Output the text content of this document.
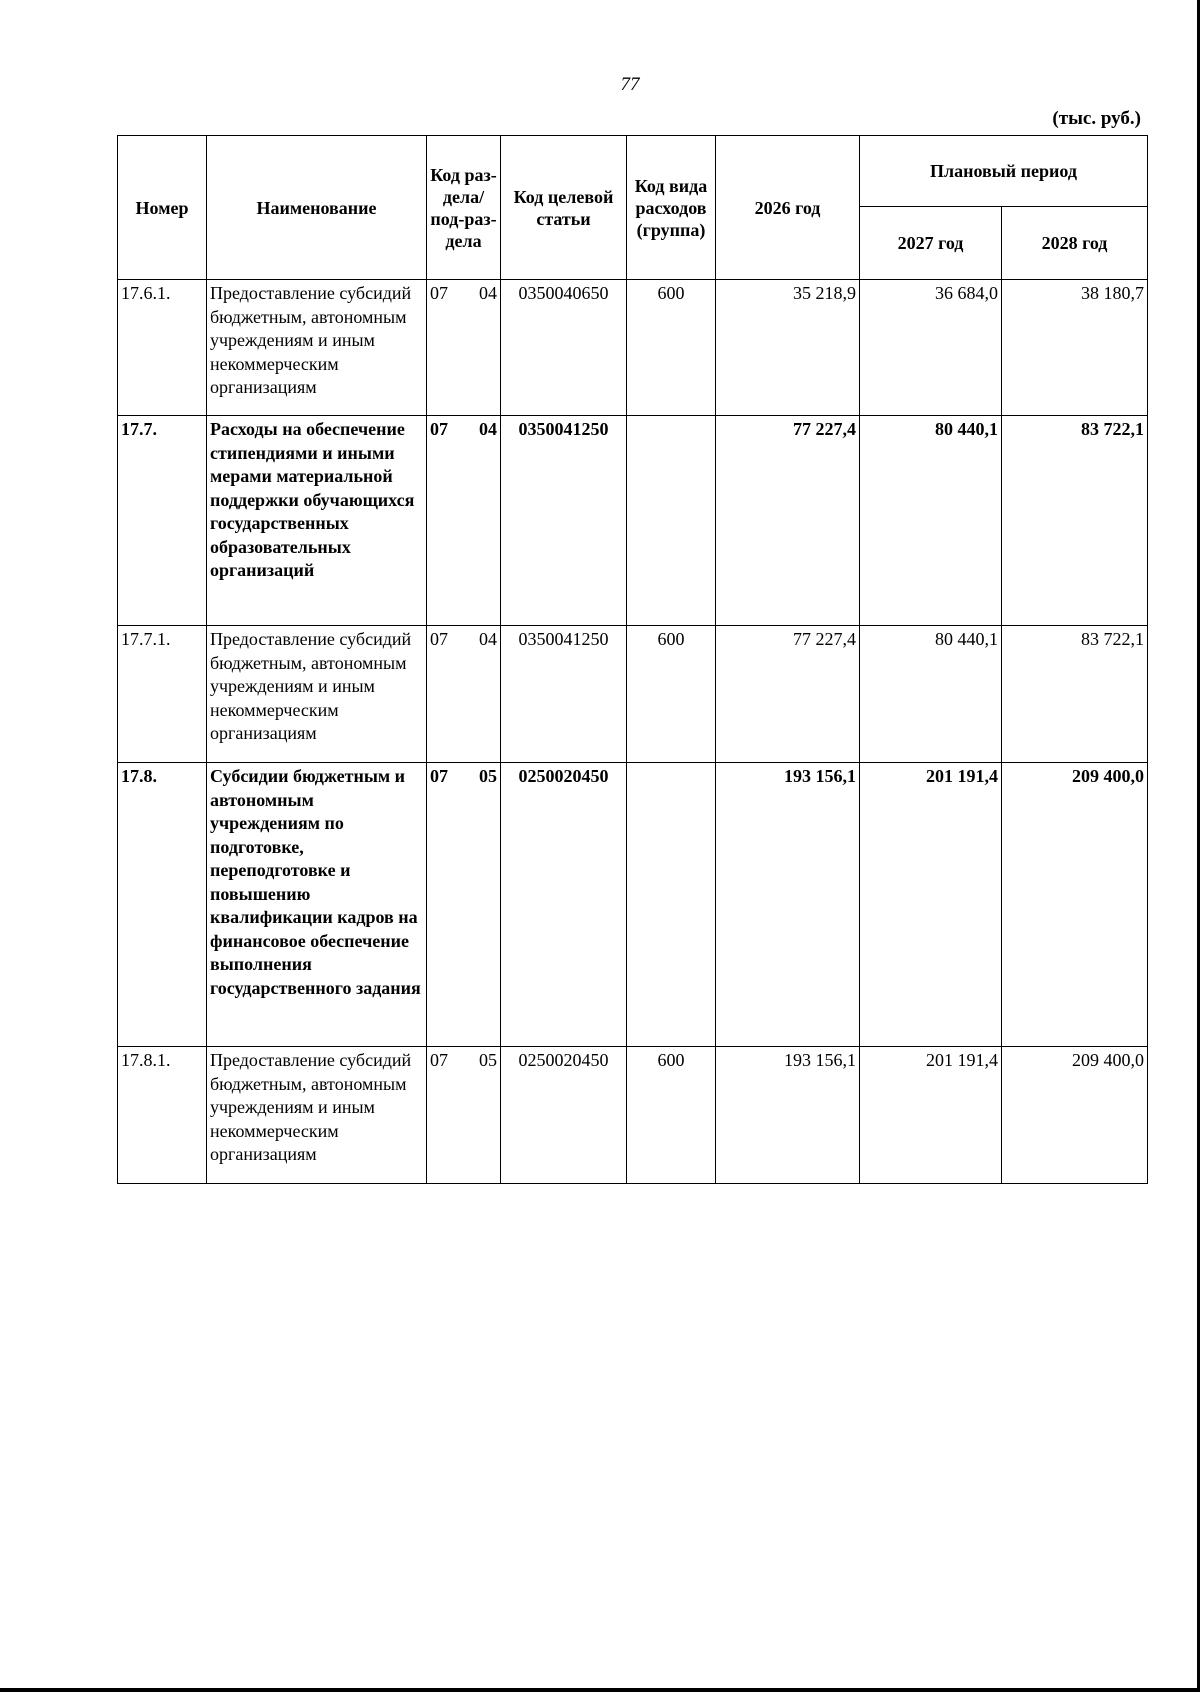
77
(тыс. руб.)
Номер	Наименование	Код раз-дела/ под-раз-дела	Код целевой статьи	Код вида расходов (группа)	2026 год	Плановый период	
						2027 год	2028 год
17.6.1.	Предоставление субсидий бюджетным, автономным учреждениям и иным некоммерческим организациям	07 04	0350040650	600	35 218,9	36 684,0	38 180,7
17.7.	Расходы на обеспечение стипендиями и иными мерами материальной поддержки обучающихся государственных образовательных организаций	07 04	0350041250		77 227,4	80 440,1	83 722,1
17.7.1.	Предоставление субсидий бюджетным, автономным учреждениям и иным некоммерческим организациям	07 04	0350041250	600	77 227,4	80 440,1	83 722,1
17.8.	Субсидии бюджетным и автономным учреждениям по подготовке, переподготовке и повышению квалификации кадров на финансовое обеспечение выполнения государственного задания	07 05	0250020450		193 156,1	201 191,4	209 400,0
17.8.1.	Предоставление субсидий бюджетным, автономным учреждениям и иным некоммерческим организациям	07 05	0250020450	600	193 156,1	201 191,4	209 400,0
